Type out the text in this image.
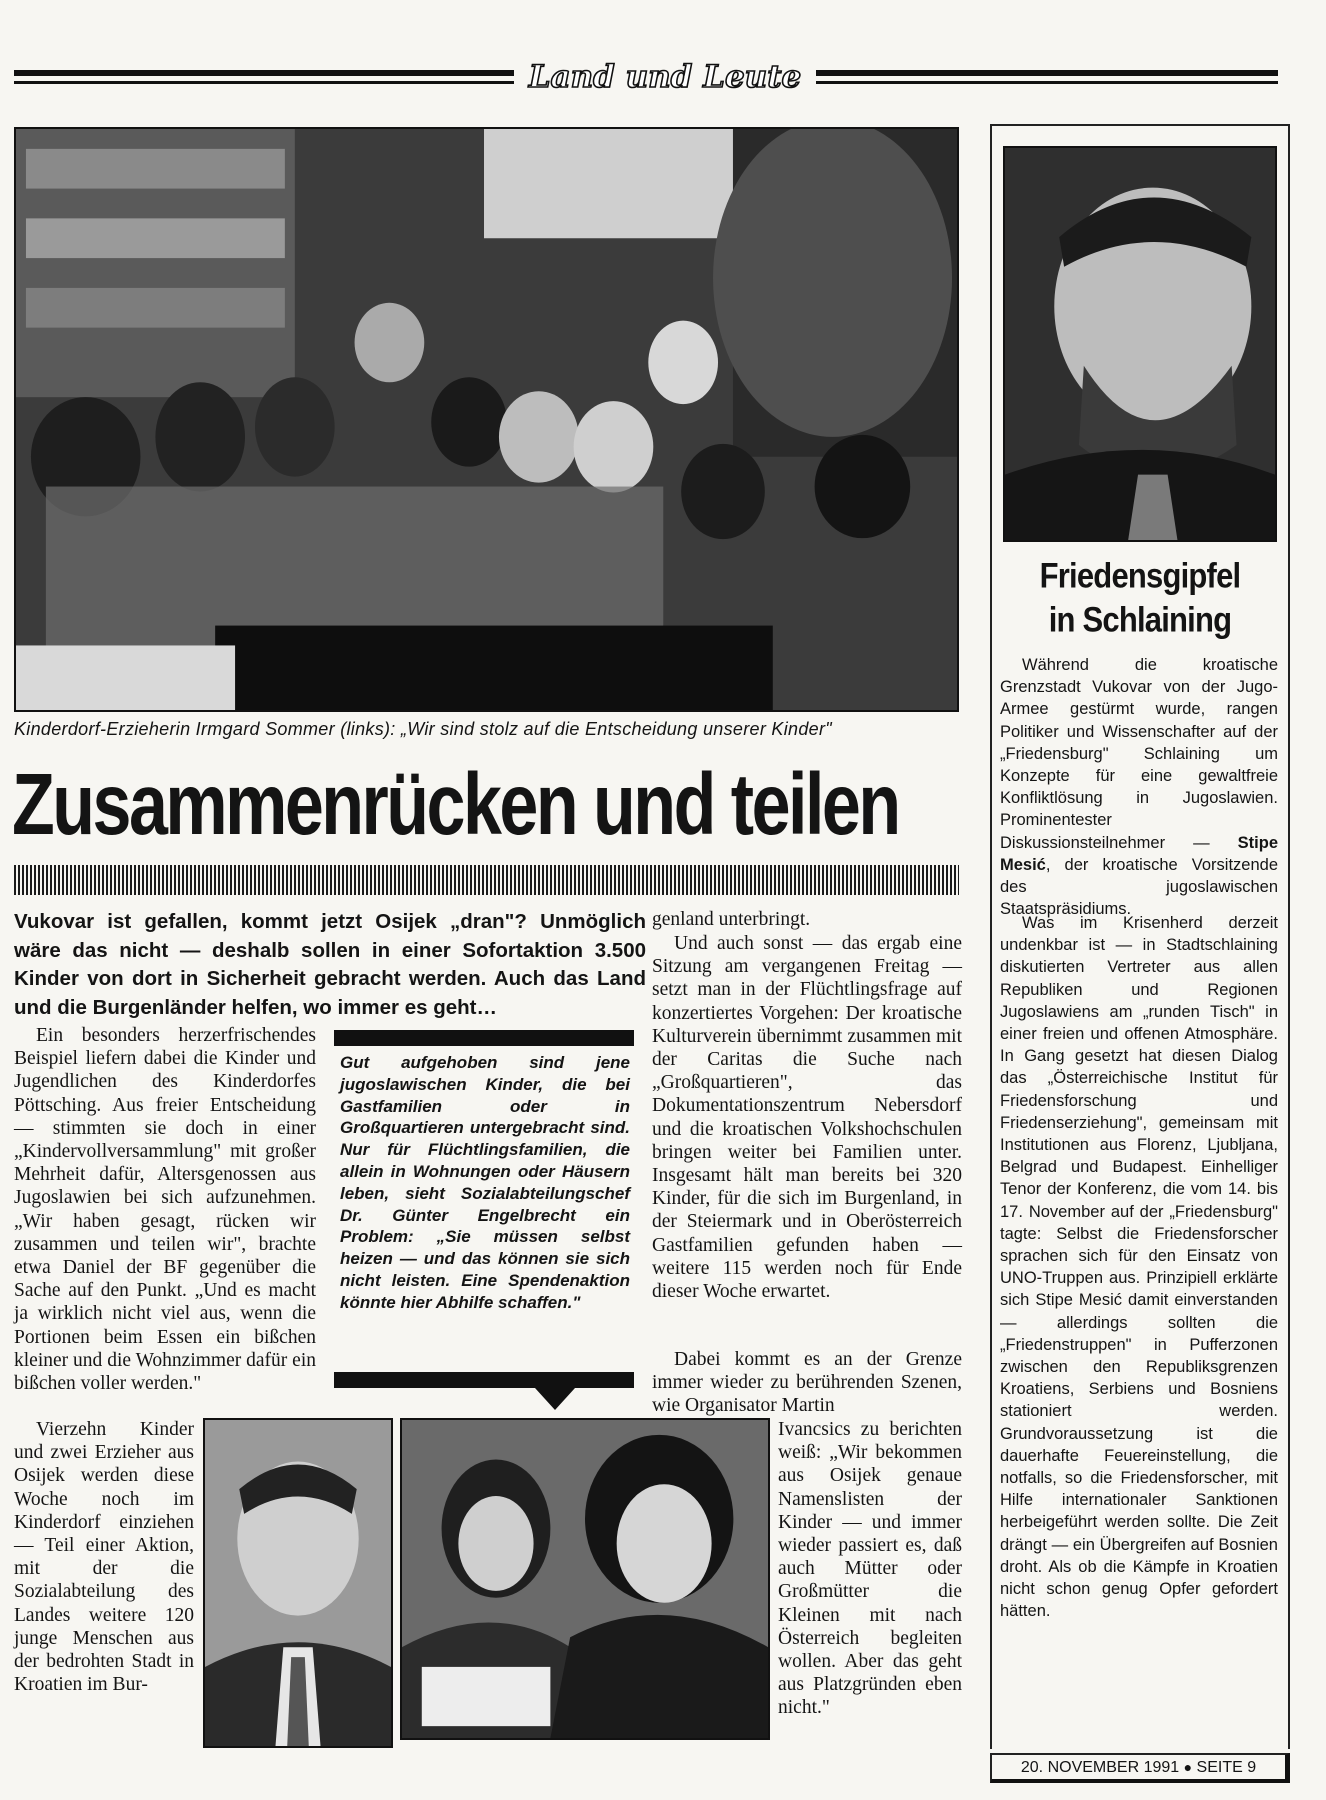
Land und Leute
Kinderdorf-Erzieherin Irmgard Sommer (links): „Wir sind stolz auf die Entscheidung unserer Kinder"
Zusammenrücken und teilen
Vukovar ist gefallen, kommt jetzt Osijek „dran"? Unmöglich wäre das nicht — deshalb sollen in einer Sofortaktion 3.500 Kinder von dort in Sicherheit gebracht werden. Auch das Land und die Burgenländer helfen, wo immer es geht…
Ein besonders herzerfrischendes Beispiel liefern dabei die Kinder und Jugendlichen des Kinderdorfes Pöttsching. Aus freier Entscheidung — stimmten sie doch in einer „Kindervollversammlung" mit großer Mehrheit dafür, Altersgenossen aus Jugoslawien bei sich aufzunehmen. „Wir haben gesagt, rücken wir zusammen und teilen wir", brachte etwa Daniel der BF gegenüber die Sache auf den Punkt. „Und es macht ja wirklich nicht viel aus, wenn die Portionen beim Essen ein bißchen kleiner und die Wohnzimmer dafür ein bißchen voller werden."
Vierzehn Kinder und zwei Erzieher aus Osijek werden diese Woche noch im Kinderdorf einziehen — Teil einer Aktion, mit der die Sozialabteilung des Landes weitere 120 junge Menschen aus der bedrohten Stadt in Kroatien im Bur-
Gut aufgehoben sind jene jugoslawischen Kinder, die bei Gastfamilien oder in Großquartieren untergebracht sind. Nur für Flüchtlingsfamilien, die allein in Wohnungen oder Häusern leben, sieht Sozialabteilungschef Dr. Günter Engelbrecht ein Problem: „Sie müssen selbst heizen — und das können sie sich nicht leisten. Eine Spendenaktion könnte hier Abhilfe schaffen."
genland unterbringt.
Und auch sonst — das ergab eine Sitzung am vergangenen Freitag — setzt man in der Flüchtlingsfrage auf konzertiertes Vorgehen: Der kroatische Kulturverein übernimmt zusammen mit der Caritas die Suche nach „Großquartieren", das Dokumentationszentrum Nebersdorf und die kroatischen Volkshochschulen bringen weiter bei Familien unter. Insgesamt hält man bereits bei 320 Kinder, für die sich im Burgenland, in der Steiermark und in Oberösterreich Gastfamilien gefunden haben — weitere 115 werden noch für Ende dieser Woche erwartet.
Dabei kommt es an der Grenze immer wieder zu berührenden Szenen, wie Organisator Martin
Ivancsics zu berichten weiß: „Wir bekommen aus Osijek genaue Namenslisten der Kinder — und immer wieder passiert es, daß auch Mütter oder Großmütter die Kleinen mit nach Österreich begleiten wollen. Aber das geht aus Platzgründen eben nicht."
Friedensgipfel
in Schlaining
Während die kroatische Grenzstadt Vukovar von der Jugo-Armee gestürmt wurde, rangen Politiker und Wissenschafter auf der „Friedensburg" Schlaining um Konzepte für eine gewaltfreie Konfliktlösung in Jugoslawien. Prominentester Diskussionsteilnehmer — Stipe Mesić, der kroatische Vorsitzende des jugoslawischen Staatspräsidiums.
Was im Krisenherd derzeit undenkbar ist — in Stadtschlaining diskutierten Vertreter aus allen Republiken und Regionen Jugoslawiens am „runden Tisch" in einer freien und offenen Atmosphäre. In Gang gesetzt hat diesen Dialog das „Österreichische Institut für Friedensforschung und Friedenserziehung", gemeinsam mit Institutionen aus Florenz, Ljubljana, Belgrad und Budapest. Einhelliger Tenor der Konferenz, die vom 14. bis 17. November auf der „Friedensburg" tagte: Selbst die Friedensforscher sprachen sich für den Einsatz von UNO-Truppen aus. Prinzipiell erklärte sich Stipe Mesić damit einverstanden — allerdings sollten die „Friedenstruppen" in Pufferzonen zwischen den Republiksgrenzen Kroatiens, Serbiens und Bosniens stationiert werden. Grundvoraussetzung ist die dauerhafte Feuereinstellung, die notfalls, so die Friedensforscher, mit Hilfe internationaler Sanktionen herbeigeführt werden sollte. Die Zeit drängt — ein Übergreifen auf Bosnien droht. Als ob die Kämpfe in Kroatien nicht schon genug Opfer gefordert hätten.
20. NOVEMBER 1991 ● SEITE 9
